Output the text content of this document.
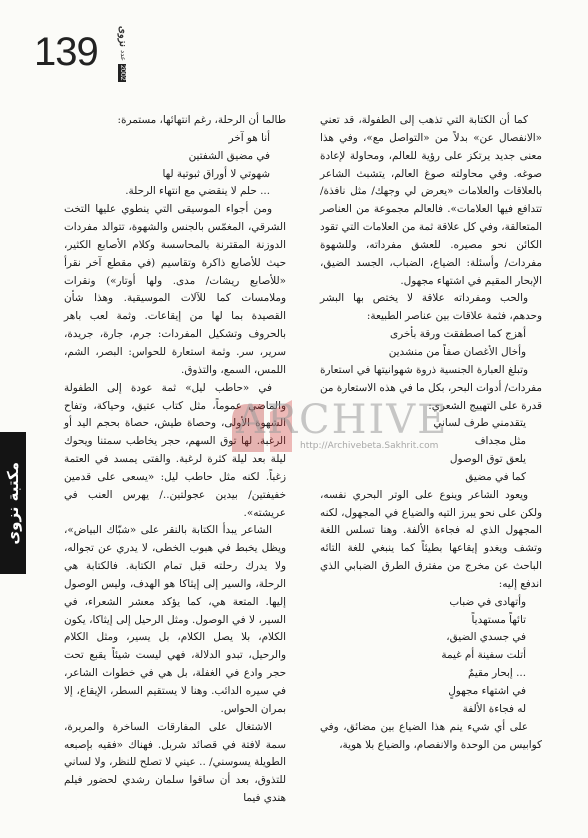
139 نزوى
عدد
2002
مكتبة نزوى

كما أن الكتابة التي تذهب إلى الطفولة، قد تعني «الانفصال عن» بدلاً من «التواصل مع»، وفي هذا معنى جديد يرتكز على رؤية للعالم، ومحاولة لإعادة صوغه. وفي محاولته صوغ العالم، يتشبث الشاعر بالعلاقات والعلامات «يعرض لي وجهك/ مثل نافذة/ تتدافع فيها العلامات». فالعالم مجموعة من العناصر المتعالقة، وفي كل علاقة ثمة من العلامات التي تقود الكائن نحو مصيره. للعشق مفرداته، وللشهوة مفردات/ وأسئلة: الضياع، الضباب، الجسد الضيق، الإبحار المقيم في اشتهاء مجهول.

والحب ومفرداته علاقة لا يختص بها البشر وحدهم، فثمة علاقات بين عناصر الطبيعة:

أهزج كما اصطفقت ورقة بأخرى

وأخال الأغصان صفاً من منشدين

وتبلغ العبارة الجنسية ذروة شهوانيتها في استعارة مفردات/ أدوات البحر، بكل ما في هذه الاستعارة من قدرة على التهييج الشعري:

يتقدمني طرف لساني

مثل مجداف

يلعق توق الوصول

كما في مضيق

ويعود الشاعر وينوع على الوتر البحري نفسه، ولكن على نحو يبرز التيه والضياع في المجهول، لكنه المجهول الذي له فجاءة الألفة. وهنا تسلس اللغة وتشف ويغدو إيقاعها بطيئاً كما ينبغي للغة التائه الباحث عن مخرج من مفترق الطرق الضبابي الذي اندفع إليه:

وأتهادى في ضباب

تائهاً مستهدياً

في جسدي الضيق،

أتلت سفينة أم غيمة

... إبحار مقيمٌ

في اشتهاء مجهولٍ

له فجاءة الألفة

على أي شيء ينم هذا الضياع بين مضائق، وفي كوابيس من الوحدة والانفصام، والضياع بلا هوية،

طالما أن الرحلة، رغم انتهائها، مستمرة:

أنا هو آخر

في مضيق الشفتين

شهوتي لا أوراق ثبوتية لها

... حلم لا ينقضي مع انتهاء الرحلة.

ومن أجواء الموسيقى التي ينطوي عليها التخت الشرقي، المغمّس بالجنس والشهوة، تتوالد مفردات الدوزنة المقترنة بالمحاسسة وكلام الأصابع الكثير، حيث للأصابع ذاكرة وتقاسيم (في مقطع آخر نقرأ «للأصابع ريشات/ مدى. ولها أوتار») ونقرات وملامسات كما للآلات الموسيقية. وهذا شأن القصيدة بما لها من إيقاعات. وثمة لعب باهر بالحروف وتشكيل المفردات: جرم، جارة، جريدة، سرير، سر. وثمة استعارة للحواس: البصر، الشم، اللمس، السمع، والتذوق.

في «حاطب ليل» ثمة عودة إلى الطفولة والماضي عموماً، مثل كتاب عتيق، وحياكة، وتفاح الشهوة الأولى، وحصاة طيش، حصاة بحجم اليد أو الرغبة. لها توق السهم، حجر يخاطب سمتنا ويحوك ليلة بعد ليلة كثرة لرغبة. والفتى يمسد في العتمة زغباً. لكنه مثل حاطب ليل: «يسعى على قدمين خفيفتين/ بيدين عجولتين../ يهرس العنب في عريشته».

الشاعر يبدأ الكتابة بالنقر على «شبّاك البياض»، ويظل يخبط في هبوب الخطى، لا يدري عن تجواله، ولا يدرك رحلته قبل تمام الكتابة. فالكتابة هي الرحلة، والسير إلى إيثاكا هو الهدف، وليس الوصول إليها. المتعة هي، كما يؤكد معشر الشعراء، في السير، لا في الوصول. ومثل الرحيل إلى إيثاكا، يكون الكلام، بلا يصل الكلام، بل يسير، ومثل الكلام والرحيل، تبدو الدلالة، فهي ليست شيئاً يقبع تحت حجر وادع في الغفلة، بل هي في خطوات الشاعر، في سيره الدائب. وهنا لا يستقيم السطر، الإيقاع، إلا بمران الحواس.

الاشتغال على المفارقات الساخرة والمريرة، سمة لافتة في قصائد شربل. فهناك «فقيه بإصبعه الطويلة يسوسني/ .. عيني لا تصلح للنظر، ولا لساني للتذوق، بعد أن ساقوا سلمان رشدي لحضور فيلم هندي فيما

ARCHIVE
http://Archivebeta.Sakhrit.com
